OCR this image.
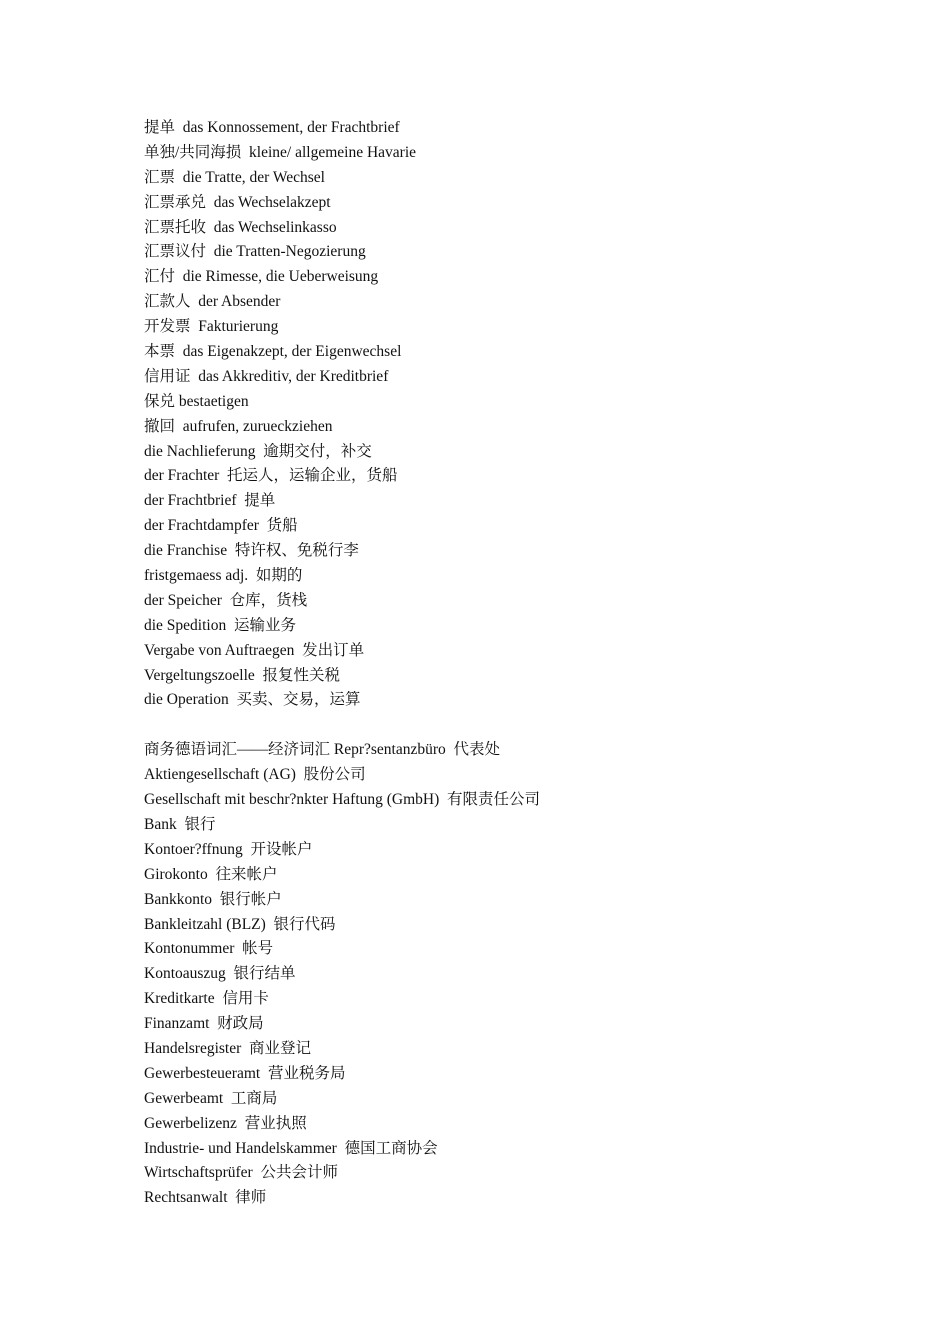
提单  das Konnossement, der Frachtbrief
单独/共同海损  kleine/ allgemeine Havarie
汇票  die Tratte, der Wechsel
汇票承兑  das Wechselakzept
汇票托收  das Wechselinkasso
汇票议付  die Tratten-Negozierung
汇付  die Rimesse, die Ueberweisung
汇款人  der Absender
开发票  Fakturierung
本票  das Eigenakzept, der Eigenwechsel
信用证  das Akkreditiv, der Kreditbrief
保兑 bestaetigen
撤回  aufrufen, zurueckziehen
die Nachlieferung  逾期交付，补交
der Frachter  托运人，运输企业，货船
der Frachtbrief  提单
der Frachtdampfer  货船
die Franchise  特许权、免税行李
fristgemaess adj.  如期的
der Speicher  仓库，货栈
die Spedition  运输业务
Vergabe von Auftraegen  发出订单
Vergeltungszoelle  报复性关税
die Operation  买卖、交易，运算
商务德语词汇——经济词汇 Repr?sentanzbüro  代表处
Aktiengesellschaft (AG)  股份公司
Gesellschaft mit beschr?nkter Haftung (GmbH)  有限责任公司
Bank  银行
Kontoer?ffnung  开设帐户
Girokonto  往来帐户
Bankkonto  银行帐户
Bankleitzahl (BLZ)  银行代码
Kontonummer  帐号
Kontoauszug  银行结单
Kreditkarte  信用卡
Finanzamt  财政局
Handelsregister  商业登记
Gewerbesteueramt  营业税务局
Gewerbeamt  工商局
Gewerbelizenz  营业执照
Industrie- und Handelskammer  德国工商协会
Wirtschaftsprüfer  公共会计师
Rechtsanwalt  律师
